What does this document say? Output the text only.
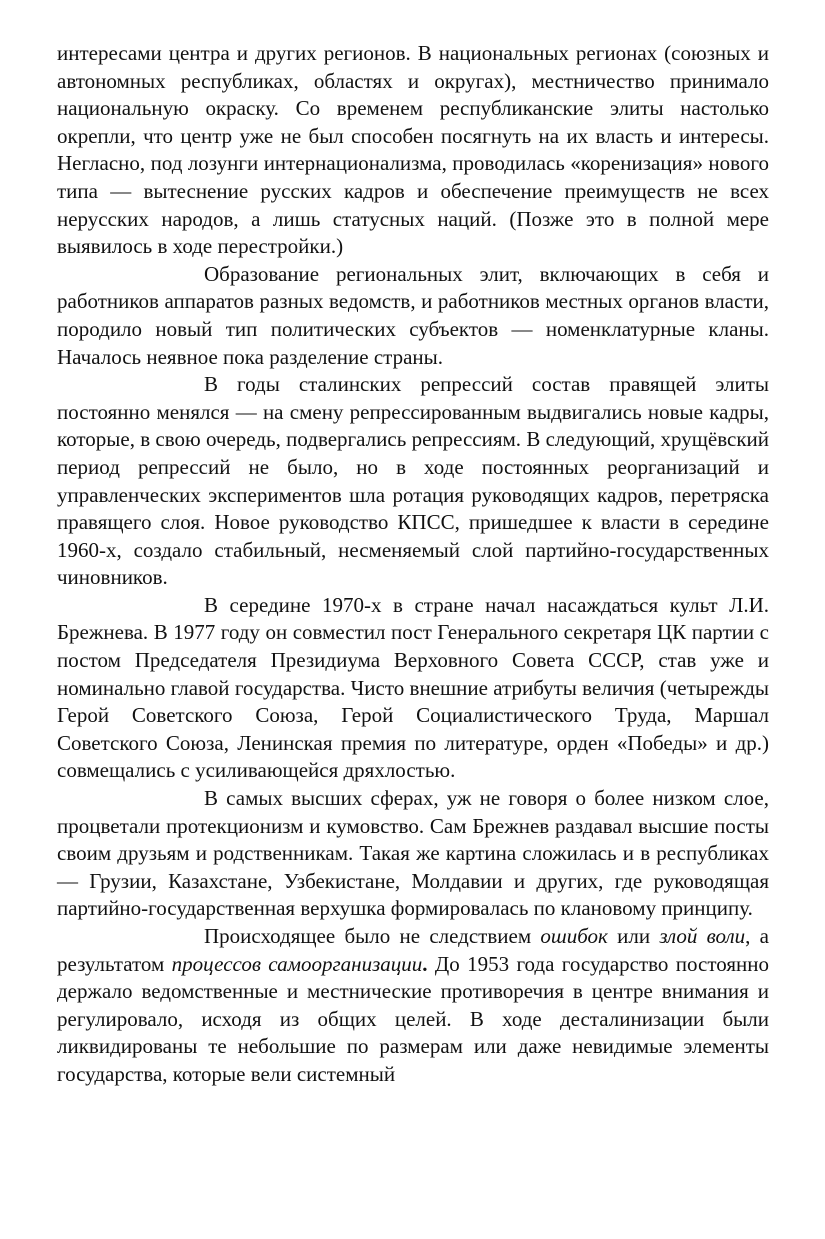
интересами центра и других регионов. В национальных регионах (союзных и автономных республиках, областях и округах), местничество принимало национальную окраску. Со временем республиканские элиты настолько окрепли, что центр уже не был способен посягнуть на их власть и интересы. Негласно, под лозунги интернационализма, проводилась «коренизация» нового типа — вытеснение русских кадров и обеспечение преимуществ не всех нерусских народов, а лишь статусных наций. (Позже это в полной мере выявилось в ходе перестройки.)

Образование региональных элит, включающих в себя и работников аппаратов разных ведомств, и работников местных органов власти, породило новый тип политических субъектов — номенклатурные кланы. Началось неявное пока разделение страны.

В годы сталинских репрессий состав правящей элиты постоянно менялся — на смену репрессированным выдвигались новые кадры, которые, в свою очередь, подвергались репрессиям. В следующий, хрущёвский период репрессий не было, но в ходе постоянных реорганизаций и управленческих экспериментов шла ротация руководящих кадров, перетряска правящего слоя. Новое руководство КПСС, пришедшее к власти в середине 1960-х, создало стабильный, несменяемый слой партийно-государственных чиновников.

В середине 1970-х в стране начал насаждаться культ Л.И. Брежнева. В 1977 году он совместил пост Генерального секретаря ЦК партии с постом Председателя Президиума Верховного Совета СССР, став уже и номинально главой государства. Чисто внешние атрибуты величия (четырежды Герой Советского Союза, Герой Социалистического Труда, Маршал Советского Союза, Ленинская премия по литературе, орден «Победы» и др.) совмещались с усиливающейся дряхлостью.

В самых высших сферах, уж не говоря о более низком слое, процветали протекционизм и кумовство. Сам Брежнев раздавал высшие посты своим друзьям и родственникам. Такая же картина сложилась и в республиках — Грузии, Казахстане, Узбекистане, Молдавии и других, где руководящая партийно-государственная верхушка формировалась по клановому принципу.

Происходящее было не следствием ошибок или злой воли, а результатом процессов самоорганизации. До 1953 года государство постоянно держало ведомственные и местнические противоречия в центре внимания и регулировало, исходя из общих целей. В ходе десталинизации были ликвидированы те небольшие по размерам или даже невидимые элементы государства, которые вели системный
